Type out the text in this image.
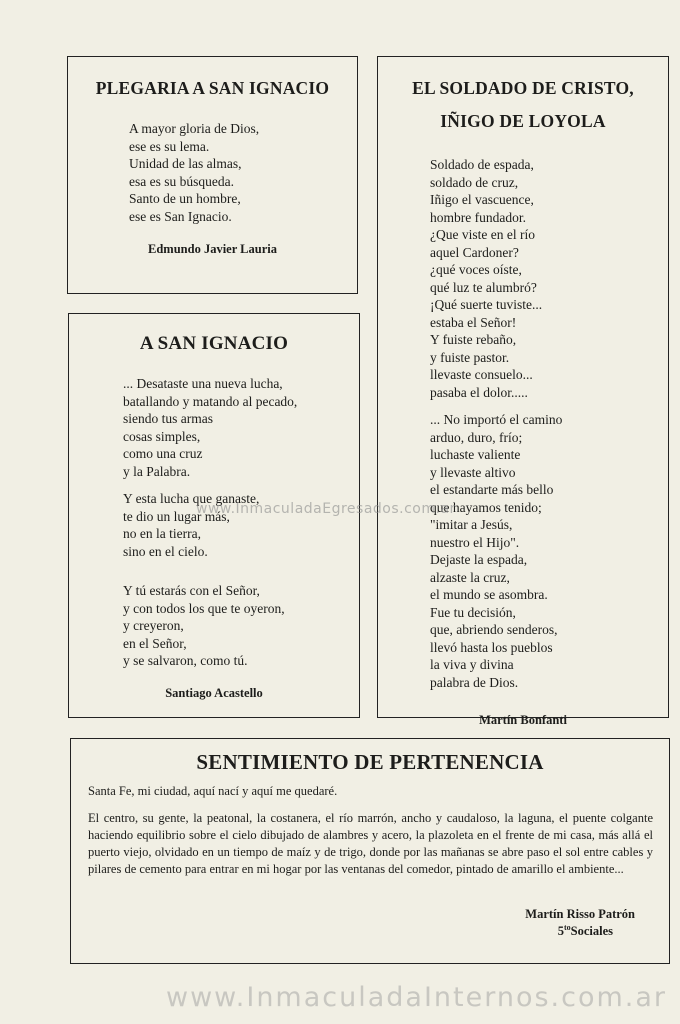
PLEGARIA A SAN IGNACIO

A mayor gloria de Dios,

ese es su lema.

Unidad de las almas,

esa es su búsqueda.

Santo de un hombre,

ese es San Ignacio.

Edmundo Javier Lauria
A SAN IGNACIO

... Desataste una nueva lucha,

batallando y matando al pecado,

siendo tus armas

cosas simples,

como una cruz

y la Palabra.

Y esta lucha que ganaste,

te dio un lugar más,

no en la tierra,

sino en el cielo.

Y tú estarás con el Señor,

y con todos los que te oyeron,

y creyeron,

en el Señor,

y se salvaron, como tú.

Santiago Acastello
EL SOLDADO DE CRISTO,
IÑIGO DE LOYOLA

Soldado de espada,

soldado de cruz,

Iñigo el vascuence,

hombre fundador.

¿Que viste en el río

aquel Cardoner?

¿qué voces oíste,

qué luz te alumbró?

¡Qué suerte tuviste...

estaba el Señor!

Y fuiste rebaño,

y fuiste pastor.

llevaste consuelo...

pasaba el dolor.....

... No importó el camino

arduo, duro, frío;

luchaste valiente

y llevaste altivo

el estandarte más bello

que hayamos tenido;

"imitar a Jesús,

nuestro el Hijo".

Dejaste la espada,

alzaste la cruz,

el mundo se asombra.

Fue tu decisión,

que, abriendo senderos,

llevó hasta los pueblos

la viva y divina

palabra de Dios.

Martín Bonfanti
SENTIMIENTO DE PERTENENCIA
Santa Fe, mi ciudad, aquí nací y aquí me quedaré.
El centro, su gente, la peatonal, la costanera, el río marrón, ancho y caudaloso, la laguna, el puente colgante haciendo equilibrio sobre el cielo dibujado de alambres y acero, la plazoleta en el frente de mi casa, más allá el puerto viejo, olvidado en un tiempo de maíz y de trigo, donde por las mañanas se abre paso el sol entre cables y pilares de cemento para entrar en mi hogar por las ventanas del comedor, pintado de amarillo el ambiente...
Martín Risso Patrón
$5^{to}Sociales$
www.InmaculadaEgresados.com.ar
www.InmaculadaInternos.com.ar
